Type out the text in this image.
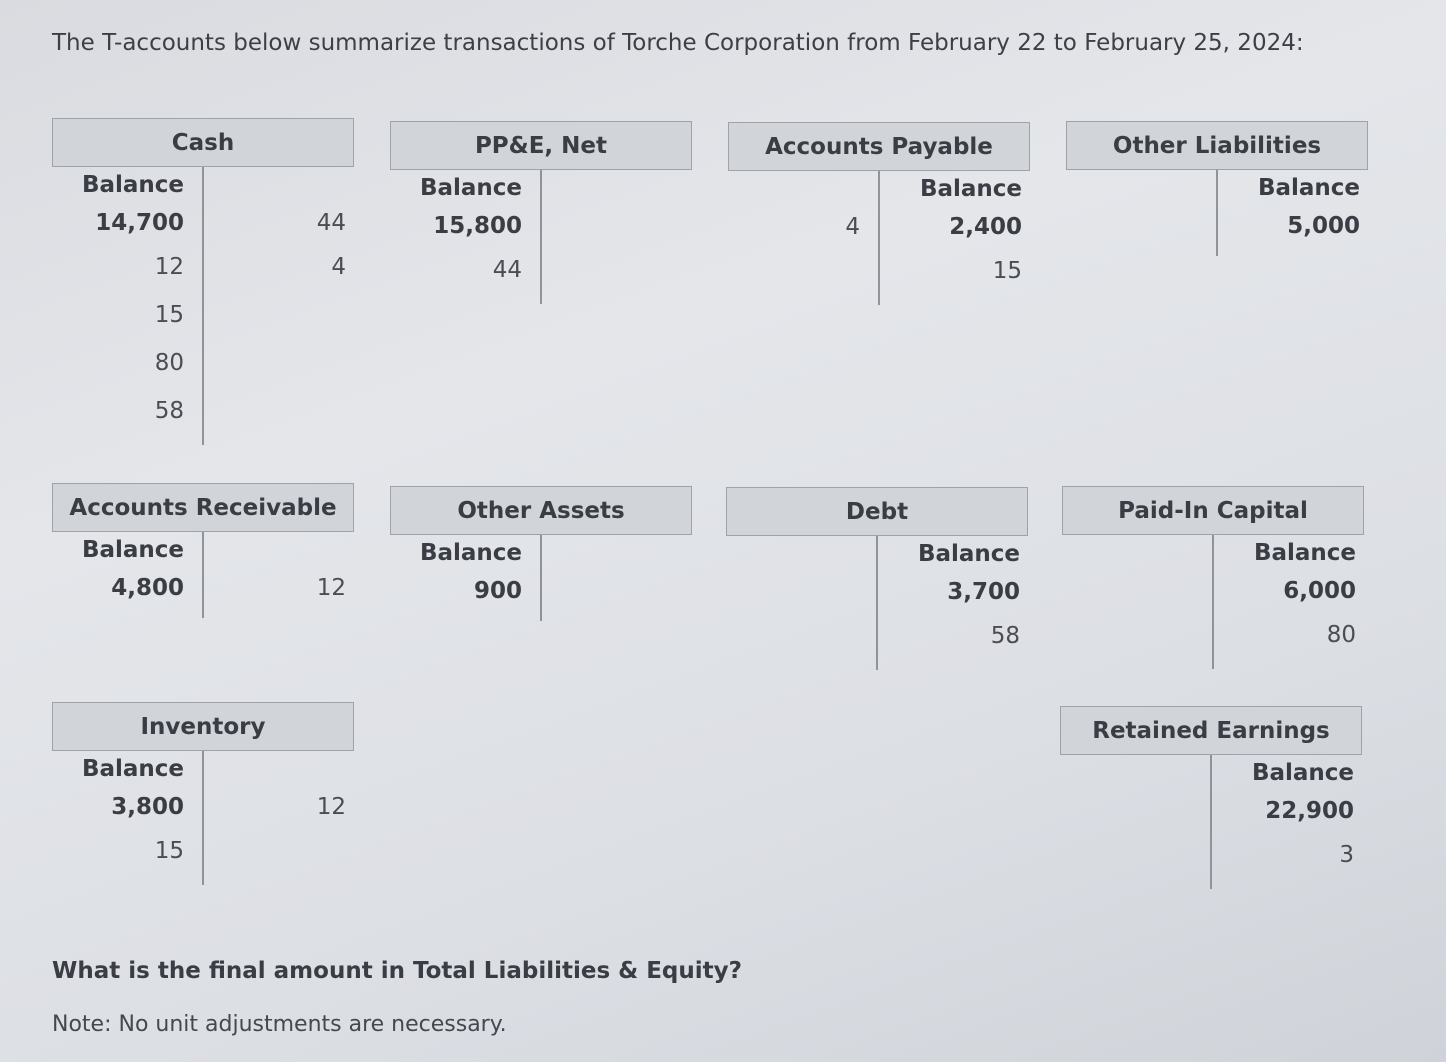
The T-accounts below summarize transactions of Torche Corporation from February 22 to February 25, 2024:
Cash
Balance
14,700
12
15
80
58
44
4
PP&E, Net
Balance
15,800
44
Accounts Payable
4
Balance
2,400
15
Other Liabilities
Balance
5,000
Accounts Receivable
Balance
4,800	12
Other Assets
Balance
900
Debt
Balance
3,700
58
Paid-In Capital
Balance
6,000
80
Inventory
Balance
3,800
15
12
Retained Earnings
Balance
22,900
3
What is the final amount in Total Liabilities & Equity?
Note: No unit adjustments are necessary.
